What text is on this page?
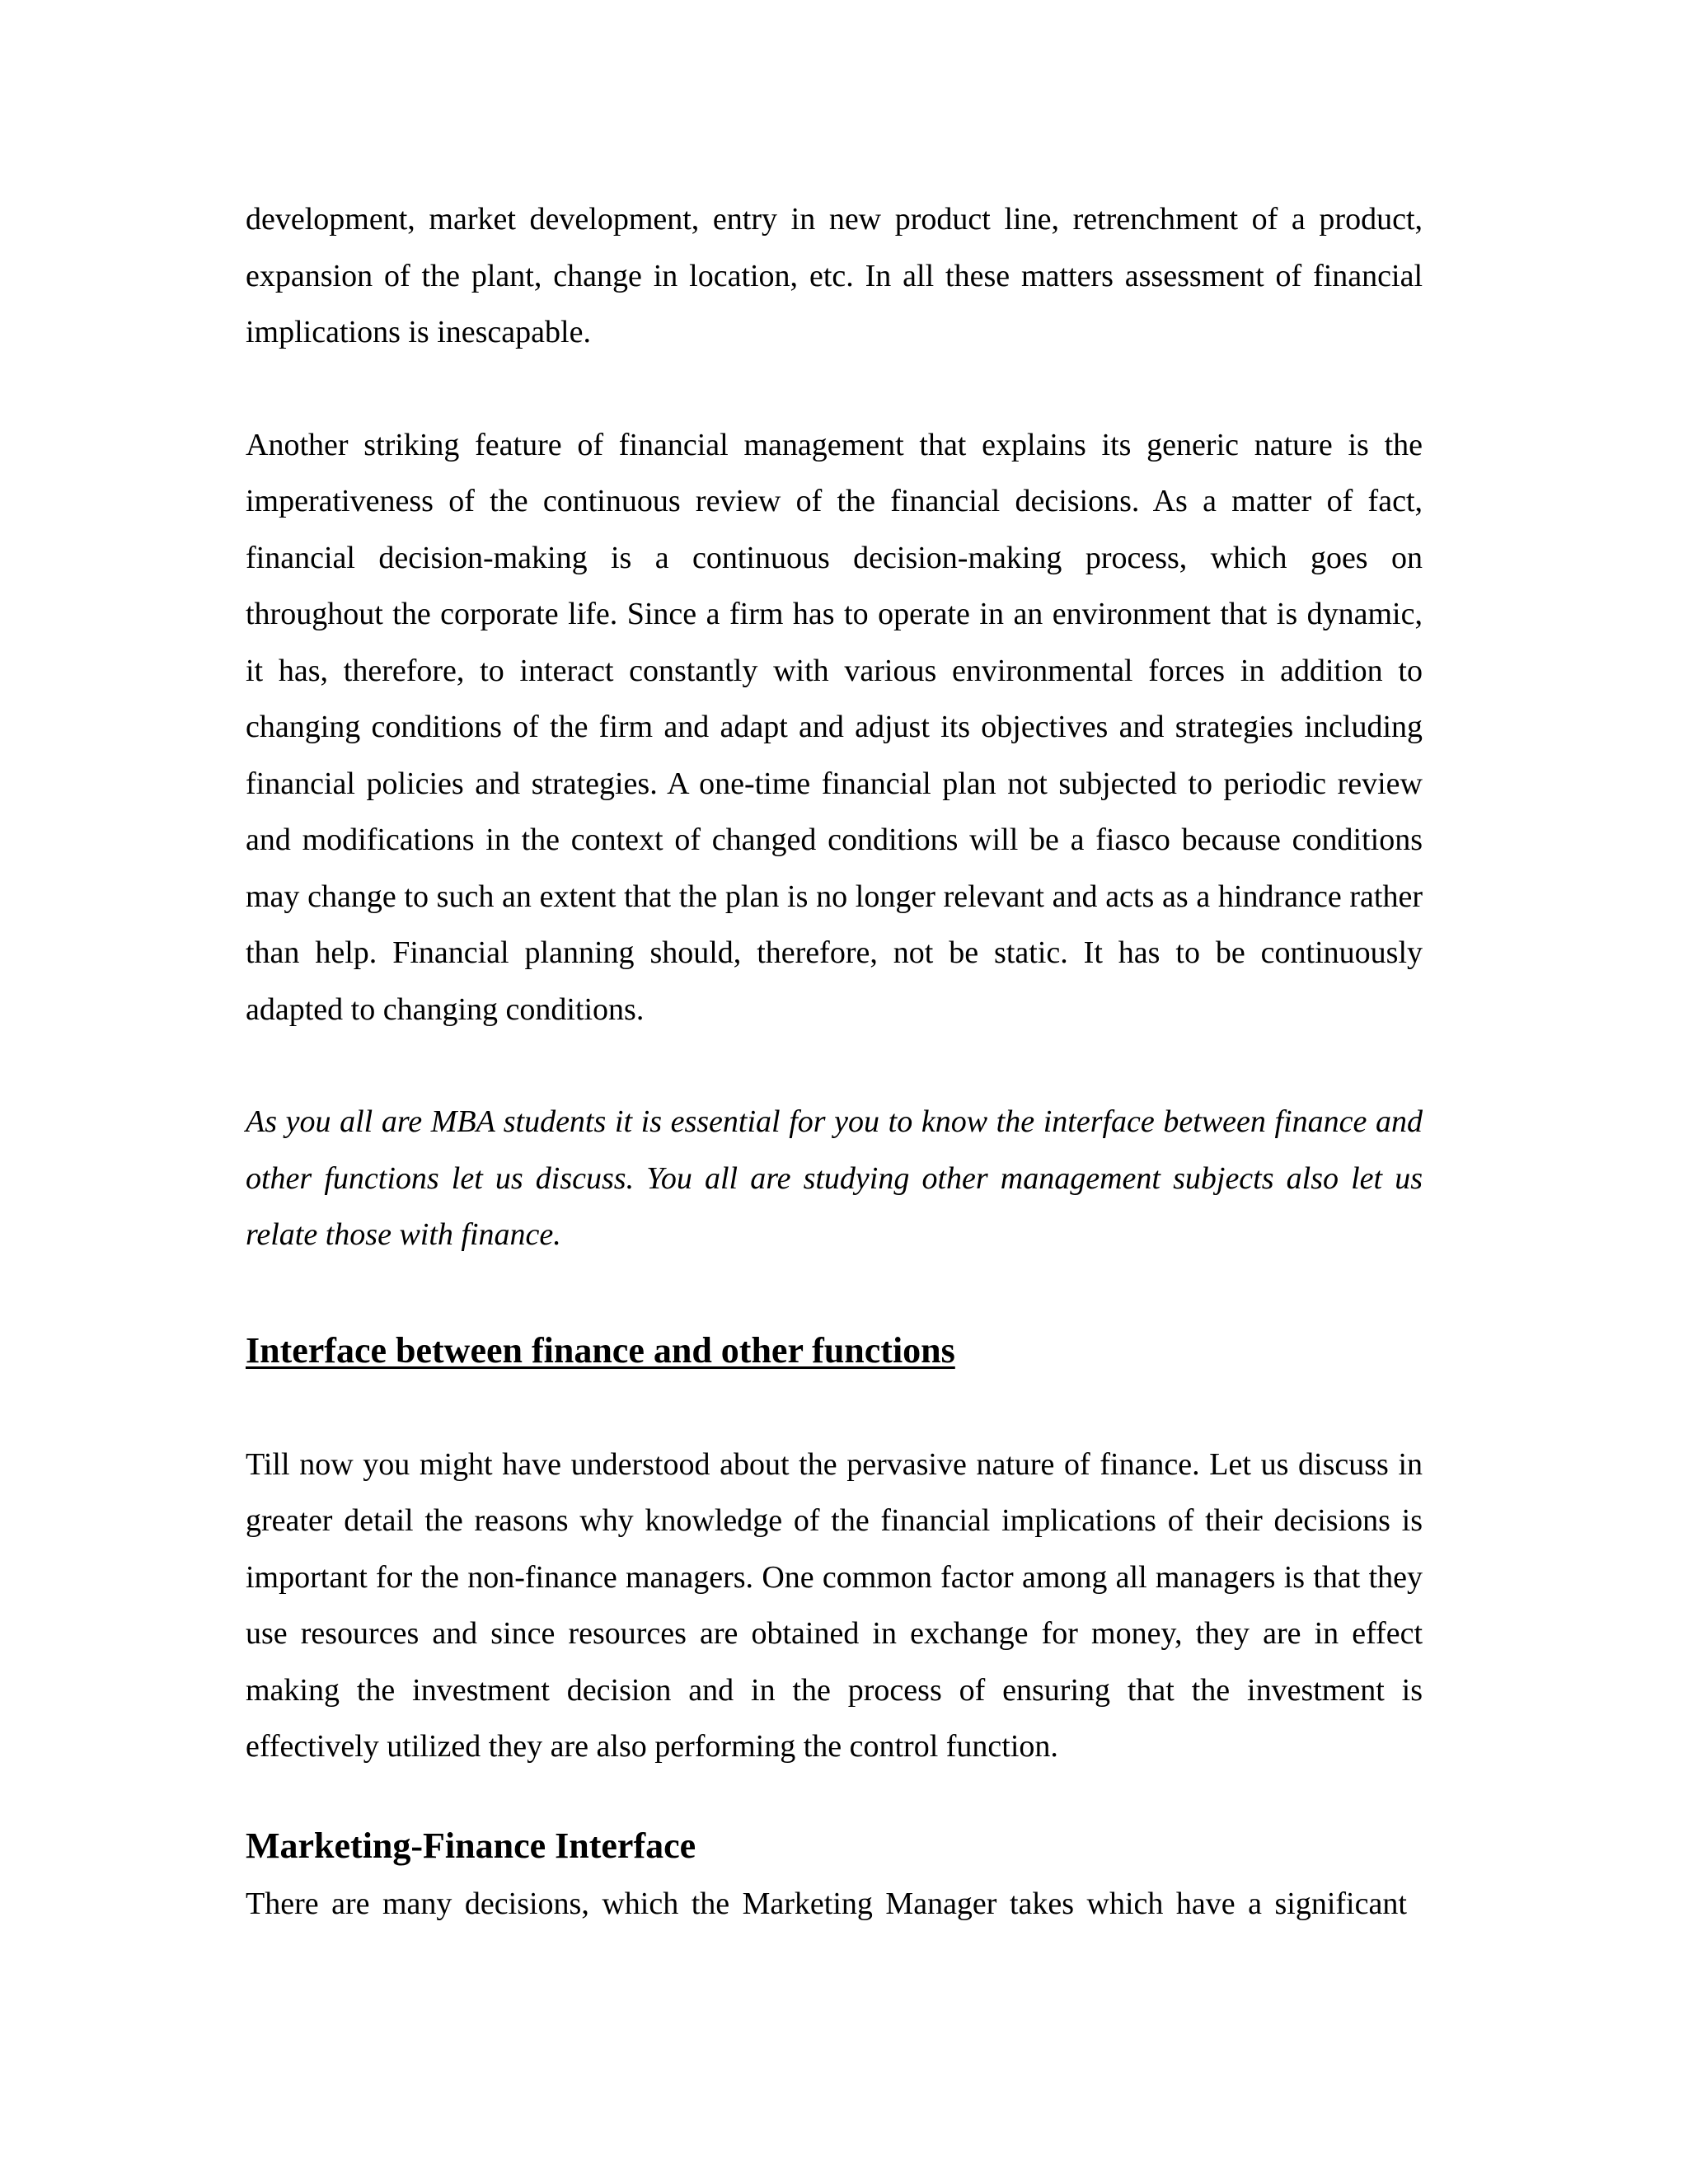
development, market development, entry in new product line, retrenchment of a product, expansion of the plant, change in location, etc. In all these matters assessment of financial implications is inescapable.

Another striking feature of financial management that explains its generic nature is the imperativeness of the continuous review of the financial decisions. As a matter of fact, financial decision-making is a continuous decision-making process, which goes on throughout the corporate life. Since a firm has to operate in an environment that is dynamic, it has, therefore, to interact constantly with various environmental forces in addition to changing conditions of the firm and adapt and adjust its objectives and strategies including financial policies and strategies. A one-time financial plan not subjected to periodic review and modifications in the context of changed conditions will be a fiasco because conditions may change to such an extent that the plan is no longer relevant and acts as a hindrance rather than help. Financial planning should, therefore, not be static. It has to be continuously adapted to changing conditions.

As you all are MBA students it is essential for you to know the interface between finance and other functions let us discuss. You all are studying other management subjects also let us relate those with finance.

Interface between finance and other functions

Till now you might have understood about the pervasive nature of finance. Let us discuss in greater detail the reasons why knowledge of the financial implications of their decisions is important for the non-finance managers. One common factor among all managers is that they use resources and since resources are obtained in exchange for money, they are in effect making the investment decision and in the process of ensuring that the investment is effectively utilized they are also performing the control function.

Marketing-Finance Interface

There are many decisions, which the Marketing Manager takes which have a significant
